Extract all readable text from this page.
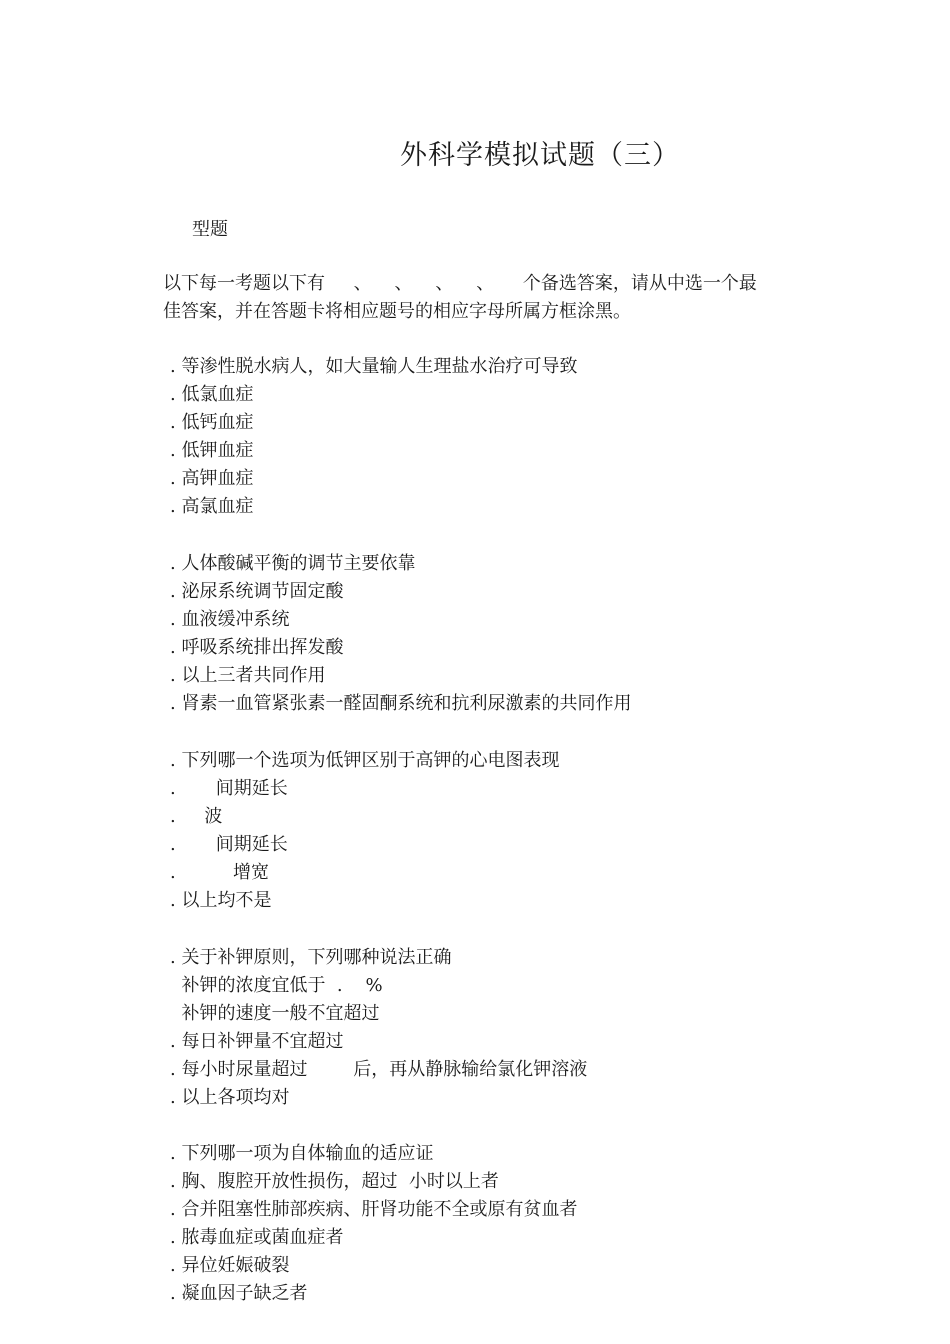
外科学模拟试题（三）
型题
以下每一考题以下有     、    、    、    、     个备选答案，请从中选一个最
佳答案，并在答题卡将相应题号的相应字母所属方框涂黑。
. 等渗性脱水病人，如大量输人生理盐水治疗可导致
. 低氯血症
. 低钙血症
. 低钾血症
. 高钾血症
. 高氯血症
. 人体酸碱平衡的调节主要依靠
. 泌尿系统调节固定酸
. 血液缓冲系统
. 呼吸系统排出挥发酸
. 以上三者共同作用
. 肾素一血管紧张素一醛固酮系统和抗利尿激素的共同作用
. 下列哪一个选项为低钾区别于高钾的心电图表现
.       间期延长
.     波
.       间期延长
.          增宽
. 以上均不是
. 关于补钾原则，下列哪种说法正确
补钾的浓度宜低于  .    %
补钾的速度一般不宜超过
. 每日补钾量不宜超过
. 每小时尿量超过        后，再从静脉输给氯化钾溶液
. 以上各项均对
. 下列哪一项为自体输血的适应证
. 胸、腹腔开放性损伤，超过  小时以上者
. 合并阻塞性肺部疾病、肝肾功能不全或原有贫血者
. 脓毒血症或菌血症者
. 异位妊娠破裂
. 凝血因子缺乏者
